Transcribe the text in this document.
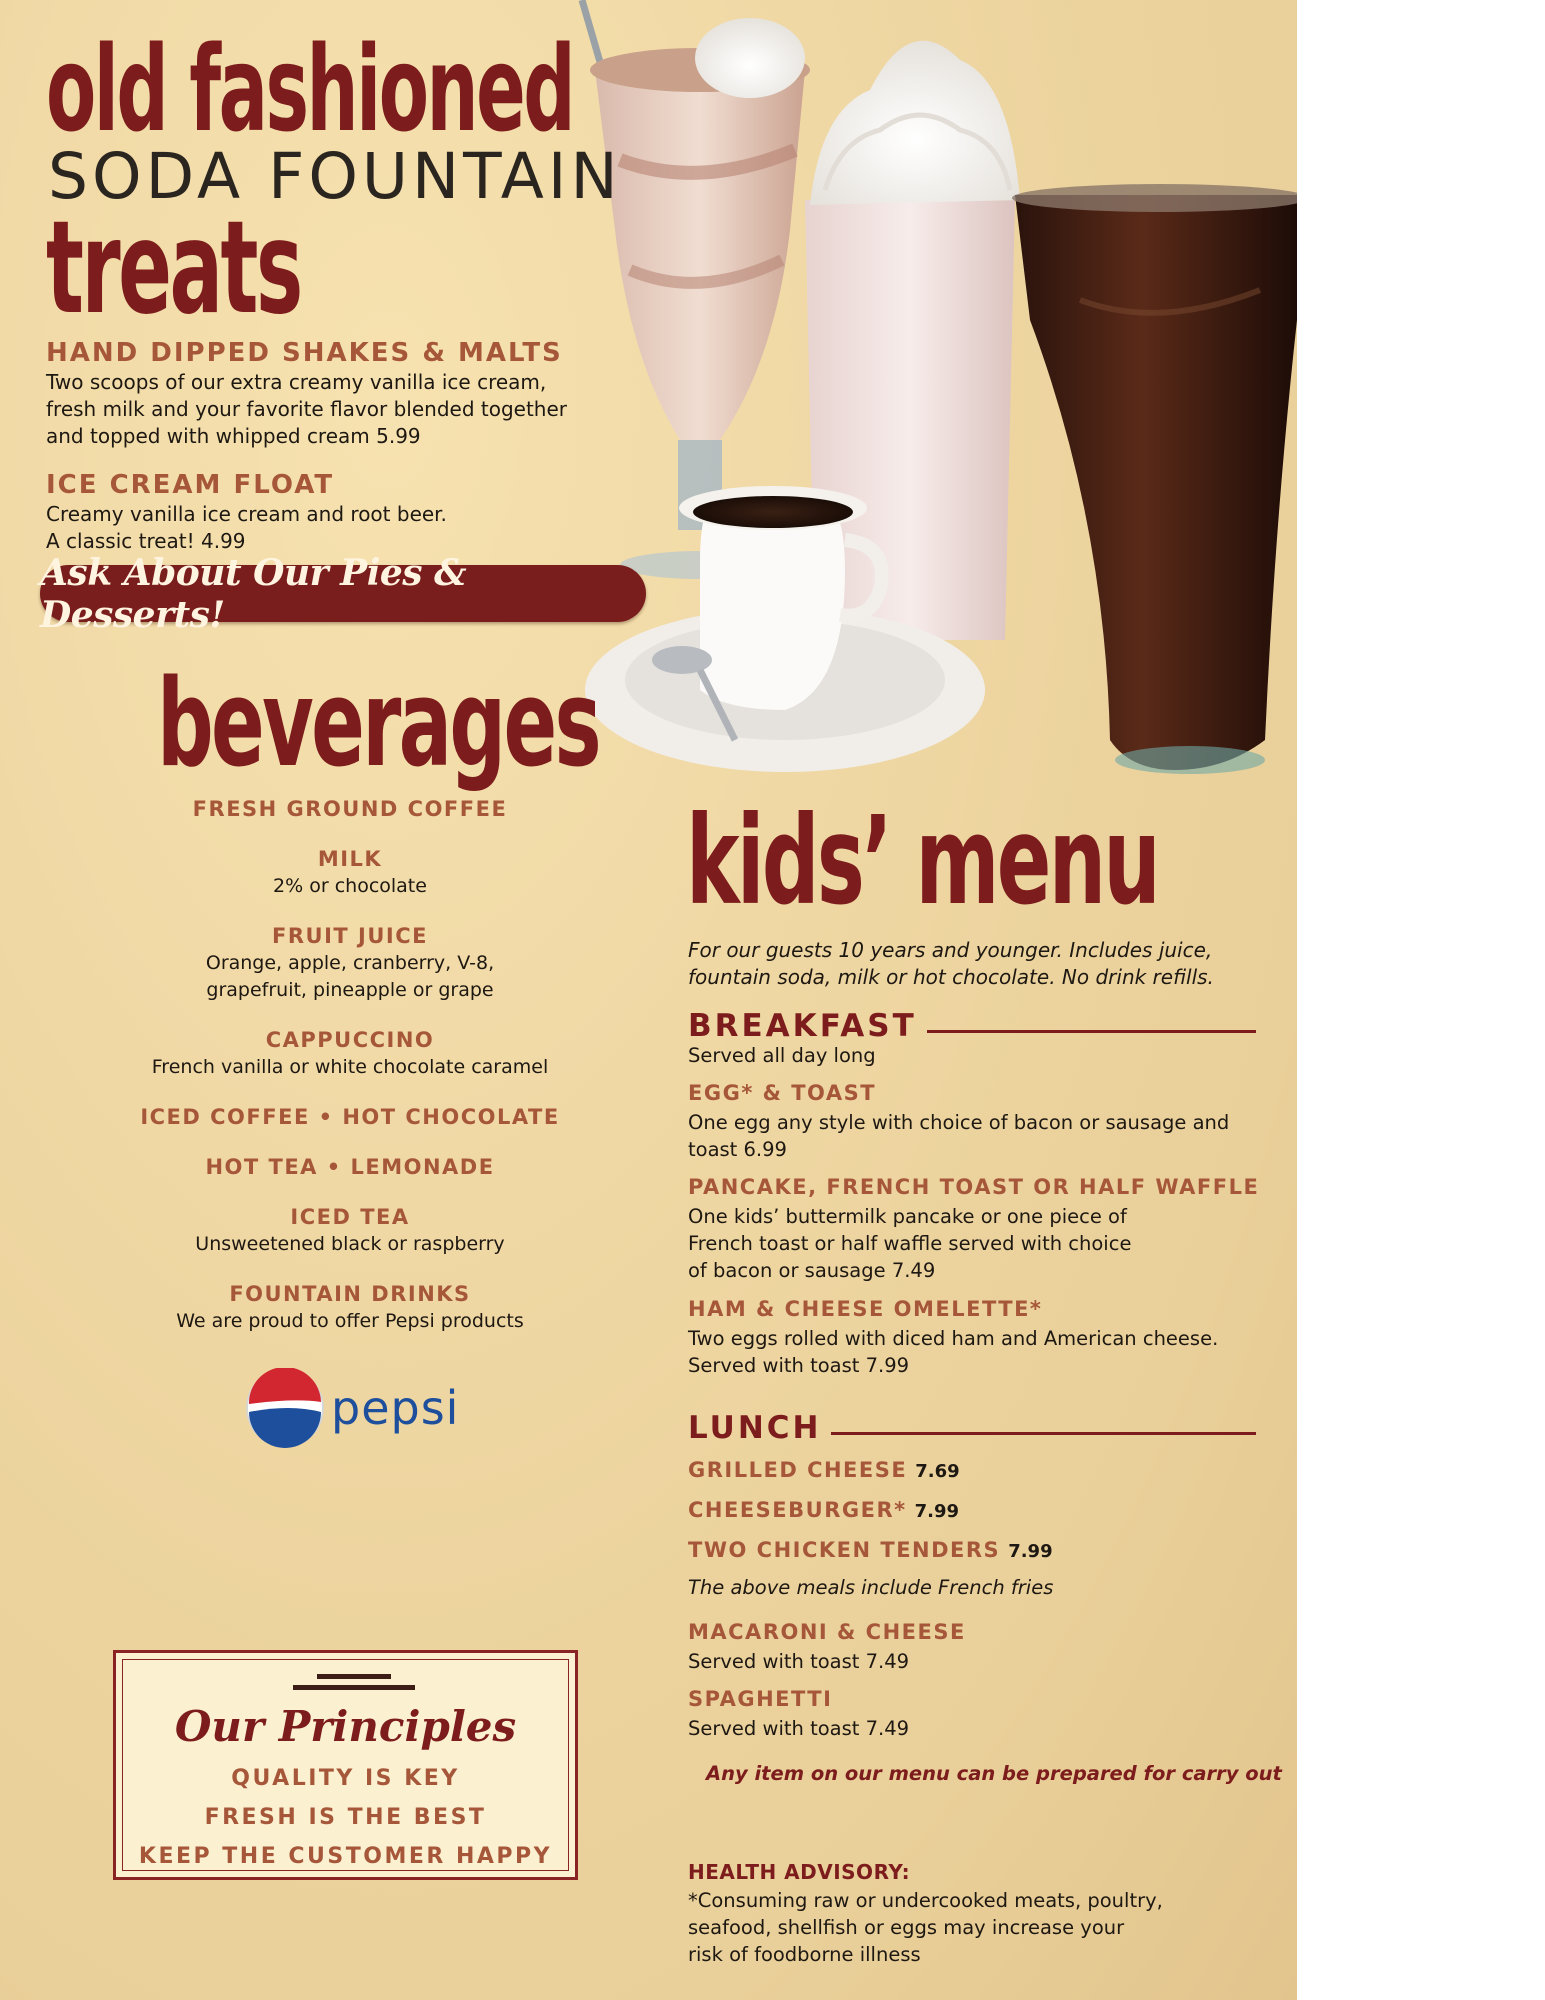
old fashioned
SODA FOUNTAIN
treats
HAND DIPPED SHAKES & MALTS
Two scoops of our extra creamy vanilla ice cream,
fresh milk and your favorite flavor blended together
and topped with whipped cream 5.99
ICE CREAM FLOAT
Creamy vanilla ice cream and root beer.
A classic treat! 4.99
Ask About Our Pies & Desserts!
beverages
FRESH GROUND COFFEE
MILK
2% or chocolate
FRUIT JUICE
Orange, apple, cranberry, V-8,
grapefruit, pineapple or grape
CAPPUCCINO
French vanilla or white chocolate caramel
ICED COFFEE • HOT CHOCOLATE
HOT TEA • LEMONADE
ICED TEA
Unsweetened black or raspberry
FOUNTAIN DRINKS
We are proud to offer Pepsi products
pepsi
Our Principles
QUALITY IS KEY
FRESH IS THE BEST
KEEP THE CUSTOMER HAPPY
kids’ menu
For our guests 10 years and younger. Includes juice,
fountain soda, milk or hot chocolate. No drink refills.
BREAKFAST
Served all day long
EGG* & TOAST
One egg any style with choice of bacon or sausage and
toast 6.99
PANCAKE, FRENCH TOAST OR HALF WAFFLE
One kids’ buttermilk pancake or one piece of
French toast or half waffle served with choice
of bacon or sausage 7.49
HAM & CHEESE OMELETTE*
Two eggs rolled with diced ham and American cheese.
Served with toast 7.99
LUNCH
GRILLED CHEESE 7.69
CHEESEBURGER* 7.99
TWO CHICKEN TENDERS 7.99
The above meals include French fries
MACARONI & CHEESE
Served with toast 7.49
SPAGHETTI
Served with toast 7.49
Any item on our menu can be prepared for carry out
HEALTH ADVISORY:
*Consuming raw or undercooked meats, poultry,
seafood, shellfish or eggs may increase your
risk of foodborne illness
